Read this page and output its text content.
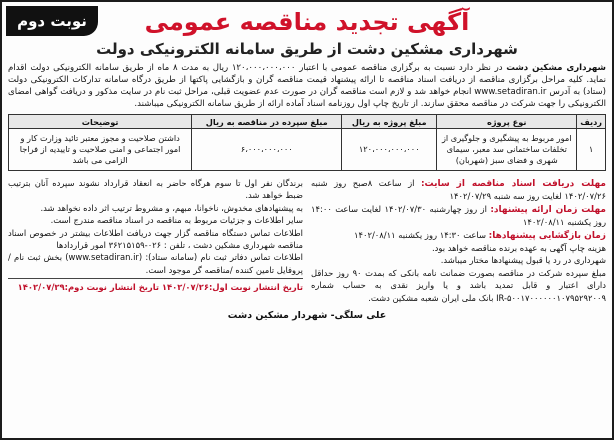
نوبت دوم	آگهی تجدید مناقصه عمومی
شهرداری مشکین دشت از طریق سامانه الکترونیکی دولت

شهرداری مشکین دشت در نظر دارد نسبت به برگزاری مناقصه عمومی با اعتبار ۱۲۰،۰۰۰،۰۰۰،۰۰۰ ریال به مدت ۸ ماه از طریق سامانه الکترونیکی دولت اقدام نماید. کلیه مراحل برگزاری مناقصه از دریافت اسناد مناقصه تا ارائه پیشنهاد قیمت مناقصه گران و بازگشایی پاکتها از طریق درگاه سامانه تدارکات الکترونیکی دولت (ستاد) به آدرس www.setadiran.ir انجام خواهد شد و لازم است مناقصه گران در صورت عدم عضویت قبلی، مراحل ثبت نام در سایت مذکور و دریافت گواهی امضای الکترونیکی را جهت شرکت در مناقصه محقق سازند. از تاریخ چاپ اول روزنامه اسناد آماده ارائه از طریق سامانه الکترونیکی میباشند.

ردیف	نوع پروژه	مبلغ پروژه به ریال	مبلغ سپرده در مناقصه به ریال	توضیحات
۱	امور مربوط به پیشگیری و جلوگیری از تخلفات ساختمانی سد معبر، سیمای شهری و فضای سبز (شهربان)	۱۲۰،۰۰۰،۰۰۰،۰۰۰	۶،۰۰۰،۰۰۰،۰۰۰	داشتن صلاحیت و مجوز معتبر تائید وزارت کار و امور اجتماعی و امنی صلاحیت و تاییدیه از فراجا الزامی می باشد
مهلت دریافت اسناد مناقصه از سایت: از ساعت ۸صبح روز شنبه ۱۴۰۲/۰۷/۲۶ لغایت روز سه شنبه ۱۴۰۲/۰۷/۲۹
مهلت زمان ارائه پیشنهاد: از روز چهارشنبه ۱۴۰۲/۰۷/۳۰ لغایت ساعت ۱۴:۰۰ روز یکشنبه ۱۴۰۲/۰۸/۱۱
زمان بازگشایی پیشنهادها: ساعت ۱۴:۳۰ روز یکشنبه ۱۴۰۲/۰۸/۱۱
هزینه چاپ آگهی به عهده برنده مناقصه خواهد بود.
شهرداری در رد یا قبول پیشنهادها مختار میباشد.
مبلغ سپرده شرکت در مناقصه بصورت ضمانت نامه بانکی که بمدت ۹۰ روز حداقل دارای اعتبار و قابل تمدید باشد و یا واریز نقدی به حساب شماره IR-۵۰۰۱۷۰۰۰۰۰۰۱۰۷۹۵۲۹۲۰۰۹ بانک ملی ایران شعبه مشکین دشت.
برندگان نفر اول تا سوم هرگاه حاضر به انعقاد قرارداد نشوند سپرده آنان بترتیب ضبط خواهد شد.
به پیشنهادهای مخدوش، ناخوانا، مبهم، و مشروط ترتیب اثر داده نخواهد شد.
سایر اطلاعات و جزئیات مربوط به مناقصه در اسناد مناقصه مندرج است.
اطلاعات تماس دستگاه مناقصه گزار جهت دریافت اطلاعات بیشتر در خصوص اسناد مناقصه شهرداری مشکین دشت ، تلفن : ۰۲۶-۳۶۲۱۵۱۵۹ امور قراردادها
اطلاعات تماس دفاتر ثبت نام (سامانه ستاد): (www.setadiran.ir) بخش ثبت نام /پروفایل تامین کننده /مناقصه گر موجود است.
تاریخ انتشار نوبت اول:۱۴۰۲/۰۷/۲۶ تاریخ انتشار نوبت دوم:۱۴۰۲/۰۷/۲۹
علی سلگی- شهردار مشکین دشت
